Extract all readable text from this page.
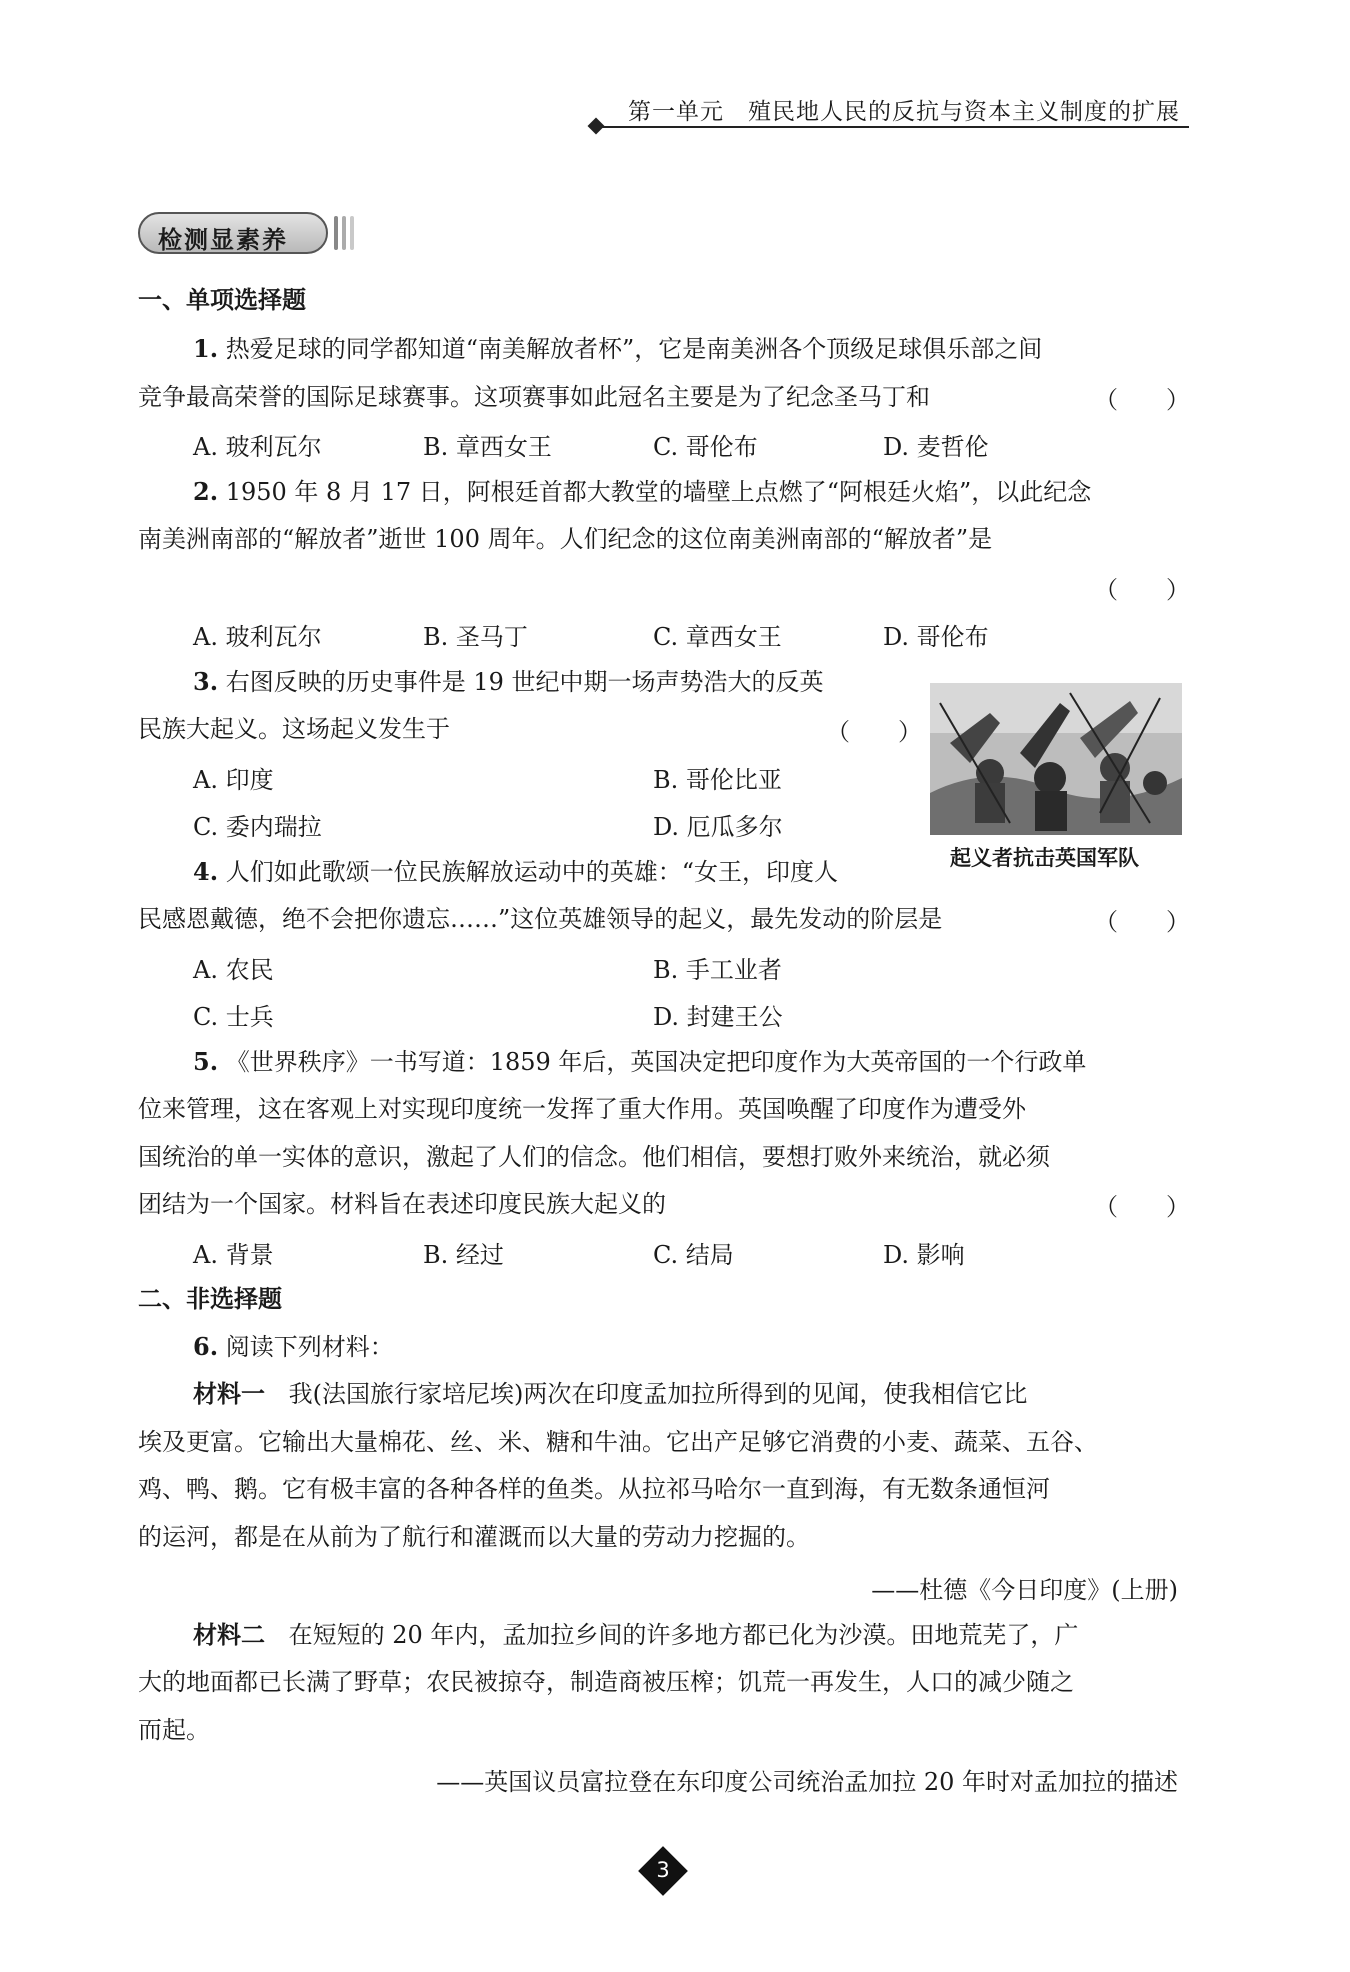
第一单元　殖民地人民的反抗与资本主义制度的扩展
检测显素养
一、单项选择题
1. 热爱足球的同学都知道“南美解放者杯”，它是南美洲各个顶级足球俱乐部之间
竞争最高荣誉的国际足球赛事。这项赛事如此冠名主要是为了纪念圣马丁和	（　　）
A. 玻利瓦尔	B. 章西女王	C. 哥伦布	D. 麦哲伦
2. 1950 年 8 月 17 日，阿根廷首都大教堂的墙壁上点燃了“阿根廷火焰”，以此纪念
南美洲南部的“解放者”逝世 100 周年。人们纪念的这位南美洲南部的“解放者”是
（　　）
A. 玻利瓦尔	B. 圣马丁	C. 章西女王	D. 哥伦布
3. 右图反映的历史事件是 19 世纪中期一场声势浩大的反英
民族大起义。这场起义发生于	（　　）
A. 印度	B. 哥伦比亚
C. 委内瑞拉	D. 厄瓜多尔
起义者抗击英国军队
4. 人们如此歌颂一位民族解放运动中的英雄：“女王，印度人
民感恩戴德，绝不会把你遗忘……”这位英雄领导的起义，最先发动的阶层是	（　　）
A. 农民	B. 手工业者
C. 士兵	D. 封建王公
5. 《世界秩序》一书写道：1859 年后，英国决定把印度作为大英帝国的一个行政单
位来管理，这在客观上对实现印度统一发挥了重大作用。英国唤醒了印度作为遭受外
国统治的单一实体的意识，激起了人们的信念。他们相信，要想打败外来统治，就必须
团结为一个国家。材料旨在表述印度民族大起义的	（　　）
A. 背景	B. 经过	C. 结局	D. 影响
二、非选择题
6. 阅读下列材料：
材料一 我(法国旅行家培尼埃)两次在印度孟加拉所得到的见闻，使我相信它比
埃及更富。它输出大量棉花、丝、米、糖和牛油。它出产足够它消费的小麦、蔬菜、五谷、
鸡、鸭、鹅。它有极丰富的各种各样的鱼类。从拉祁马哈尔一直到海，有无数条通恒河
的运河，都是在从前为了航行和灌溉而以大量的劳动力挖掘的。
——杜德《今日印度》(上册)
材料二 在短短的 20 年内，孟加拉乡间的许多地方都已化为沙漠。田地荒芜了，广
大的地面都已长满了野草；农民被掠夺，制造商被压榨；饥荒一再发生，人口的减少随之
而起。
——英国议员富拉登在东印度公司统治孟加拉 20 年时对孟加拉的描述
3
